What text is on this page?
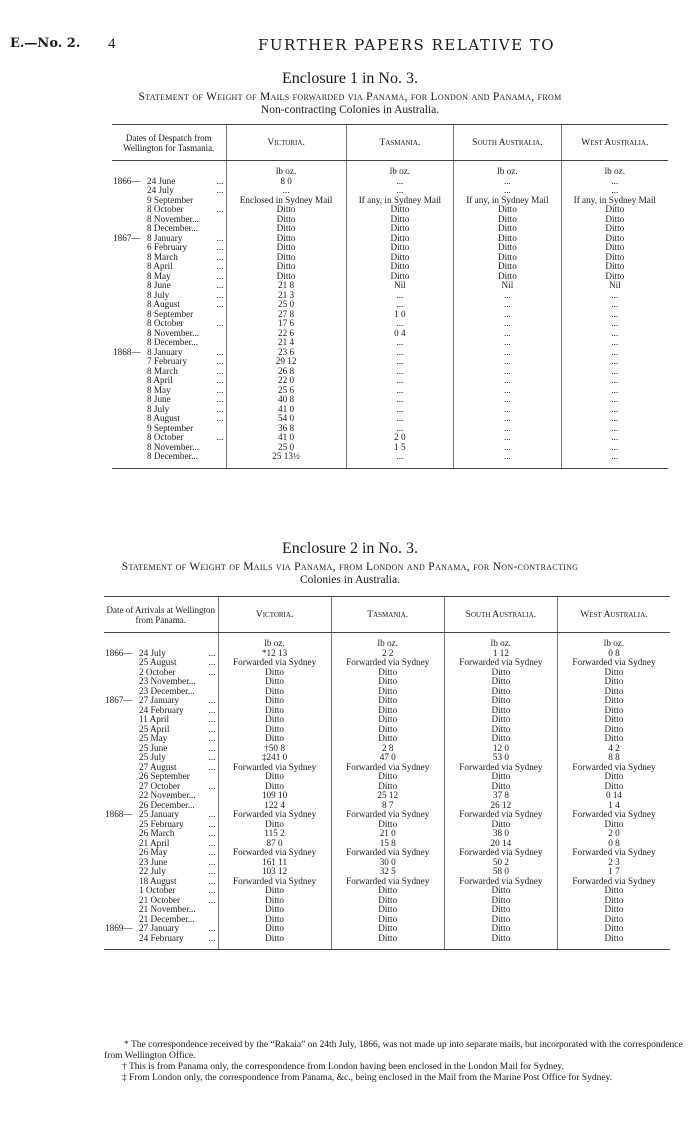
E.—No. 2. 4	FURTHER PAPERS RELATIVE TO
Enclosure 1 in No. 3.
Statement of Weight of Mails forwarded via Panama, for London and Panama, from
Non-contracting Colonies in Australia.
Dates of Despatch from Wellington for Tasmania.	Victoria.	Tasmania.	South Australia.	West Australia.
	lb oz.	lb oz.	lb oz.	lb oz.

1866— 24 June ...	8 0	...	...	...

24 July ...	...	...	...	...

9 September	Enclosed in Sydney Mail	If any, in Sydney Mail	If any, in Sydney Mail	If any, in Sydney Mail

8 October ...	Ditto	Ditto	Ditto	Ditto

8 November...	Ditto	Ditto	Ditto	Ditto

8 December...	Ditto	Ditto	Ditto	Ditto

1867— 8 January ...	Ditto	Ditto	Ditto	Ditto

6 February ...	Ditto	Ditto	Ditto	Ditto

8 March ...	Ditto	Ditto	Ditto	Ditto

8 April ...	Ditto	Ditto	Ditto	Ditto

8 May ...	Ditto	Ditto	Ditto	Ditto

8 June ...	21 8	Nil	Nil	Nil

8 July ...	21 3	...	...	...

8 August ...	25 0	...	...	...

8 September	27 8	1 0	...	...

8 October ...	17 6	...	...	...

8 November...	22 6	0 4	...	...

8 December...	21 4	...	...	...

1868— 8 January ...	23 6	...	...	...

7 February ...	29 12	...	...	...

8 March ...	26 8	...	...	...

8 April ...	22 0	...	...	...

8 May ...	25 6	...	...	...

8 June ...	40 8	...	...	...

8 July ...	41 0	...	...	...

8 August ...	54 0	...	...	...

9 September	36 8	...	...	...

8 October ...	41 0	2 0	...	...

8 November...	25 0	1 5	...	...

8 December...	25 13½	...	...	...
Enclosure 2 in No. 3.
Statement of Weight of Mails via Panama, from London and Panama, for Non-contracting
Colonies in Australia.
Date of Arrivals at Wellington from Panama.	Victoria.	Tasmania.	South Australia.	West Australia.
	lb oz.	lb oz.	lb oz.	lb oz.

1866— 24 July ...	*12 13	2 2	1 12	0 8

25 August ...	Forwarded via Sydney	Forwarded via Sydney	Forwarded via Sydney	Forwarded via Sydney

2 October ...	Ditto	Ditto	Ditto	Ditto

23 November...	Ditto	Ditto	Ditto	Ditto

23 December...	Ditto	Ditto	Ditto	Ditto

1867— 27 January ...	Ditto	Ditto	Ditto	Ditto

24 February ...	Ditto	Ditto	Ditto	Ditto

11 April ...	Ditto	Ditto	Ditto	Ditto

25 April ...	Ditto	Ditto	Ditto	Ditto

25 May ...	Ditto	Ditto	Ditto	Ditto

25 June ...	†50 8	2 8	12 0	4 2

25 July ...	‡241 0	47 0	53 0	8 8

27 August ...	Forwarded via Sydney	Forwarded via Sydney	Forwarded via Sydney	Forwarded via Sydney

26 September	Ditto	Ditto	Ditto	Ditto

27 October ...	Ditto	Ditto	Ditto	Ditto

22 November...	109 10	25 12	37 8	0 14

26 December...	122 4	8 7	26 12	1 4

1868— 25 January ...	Forwarded via Sydney	Forwarded via Sydney	Forwarded via Sydney	Forwarded via Sydney

25 February ...	Ditto	Ditto	Ditto	Ditto

26 March ...	115 2	21 0	38 0	2 0

21 April ...	87 0	15 8	20 14	0 8

26 May ...	Forwarded via Sydney	Forwarded via Sydney	Forwarded via Sydney	Forwarded via Sydney

23 June ...	161 11	30 0	50 2	2 3

22 July ...	103 12	32 5	58 0	1 7

18 August ...	Forwarded via Sydney	Forwarded via Sydney	Forwarded via Sydney	Forwarded via Sydney

1 October ...	Ditto	Ditto	Ditto	Ditto

21 October ...	Ditto	Ditto	Ditto	Ditto

21 November...	Ditto	Ditto	Ditto	Ditto

21 December...	Ditto	Ditto	Ditto	Ditto

1869— 27 January ...	Ditto	Ditto	Ditto	Ditto

24 February ...	Ditto	Ditto	Ditto	Ditto

* The correspondence received by the “Rakaia” on 24th July, 1866, was not made up into separate mails, but incorporated with the correspondence from Wellington Office.

† This is from Panama only, the correspondence from London having been enclosed in the London Mail for Sydney.

‡ From London only, the correspondence from Panama, &c., being enclosed in the Mail from the Marine Post Office for Sydney.
